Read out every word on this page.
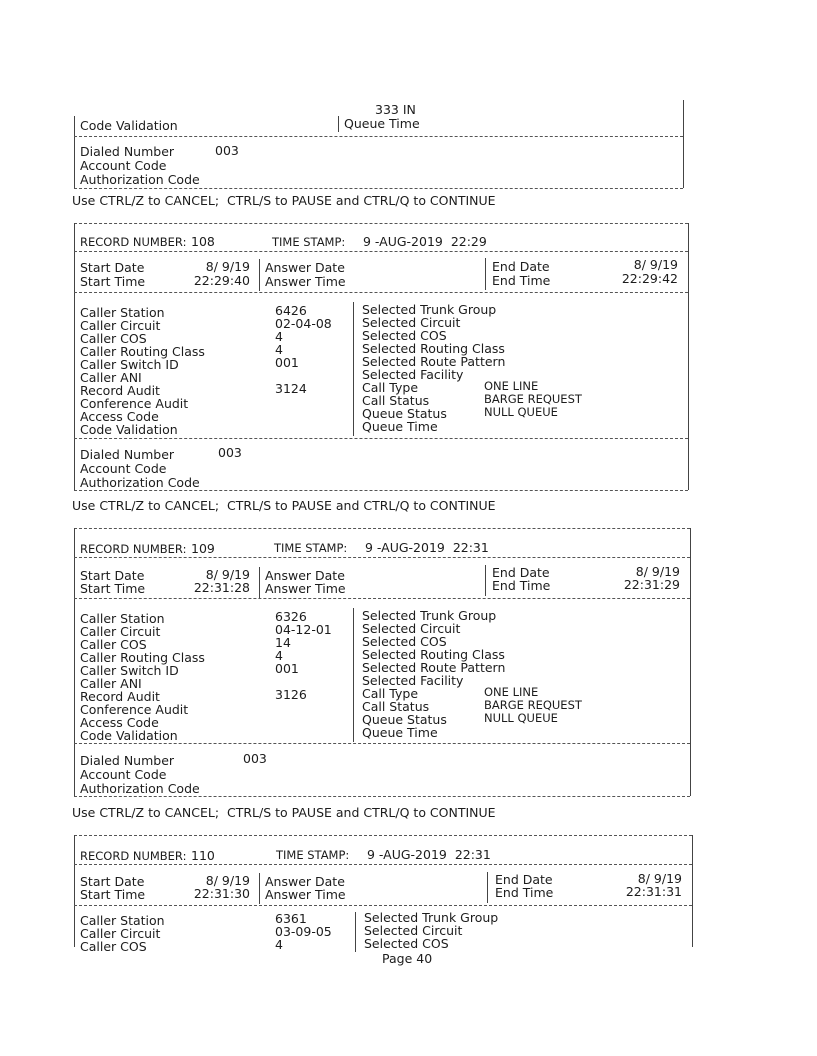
333 IN
Code Validation	Queue Time
Dialed Number	003
Account Code
Authorization Code
Use CTRL/Z to CANCEL;  CTRL/S to PAUSE and CTRL/Q to CONTINUE
RECORD NUMBER: 108	TIME STAMP: 9 -AUG-2019  22:29
Start Date	8/ 9/19 Answer Date	End Date	8/ 9/19
Start Time	22:29:40 Answer Time	End Time	22:29:42
Caller Station	6426
Caller Circuit	02-04-08
Caller COS	4
Caller Routing Class	4
Caller Switch ID	001
Caller ANI
Record Audit	3124
Conference Audit
Access Code
Code Validation
Selected Trunk Group
Selected Circuit
Selected COS
Selected Routing Class
Selected Route Pattern
Selected Facility
Call Type	ONE LINE
Call Status	BARGE REQUEST
Queue Status	NULL QUEUE
Queue Time
Dialed Number	003
Account Code
Authorization Code
Use CTRL/Z to CANCEL;  CTRL/S to PAUSE and CTRL/Q to CONTINUE
RECORD NUMBER: 109	TIME STAMP: 9 -AUG-2019  22:31
Start Date	8/ 9/19 Answer Date	End Date	8/ 9/19
Start Time	22:31:28 Answer Time	End Time	22:31:29
Caller Station	6326
Caller Circuit	04-12-01
Caller COS	14
Caller Routing Class	4
Caller Switch ID	001
Caller ANI
Record Audit	3126
Conference Audit
Access Code
Code Validation
Selected Trunk Group
Selected Circuit
Selected COS
Selected Routing Class
Selected Route Pattern
Selected Facility
Call Type	ONE LINE
Call Status	BARGE REQUEST
Queue Status	NULL QUEUE
Queue Time
Dialed Number	003
Account Code
Authorization Code
Use CTRL/Z to CANCEL;  CTRL/S to PAUSE and CTRL/Q to CONTINUE
RECORD NUMBER: 110	TIME STAMP: 9 -AUG-2019  22:31
Start Date	8/ 9/19 Answer Date	End Date	8/ 9/19
Start Time	22:31:30 Answer Time	End Time	22:31:31
Caller Station	6361
Caller Circuit	03-09-05
Caller COS	4
Selected Trunk Group
Selected Circuit
Selected COS
Page 40
